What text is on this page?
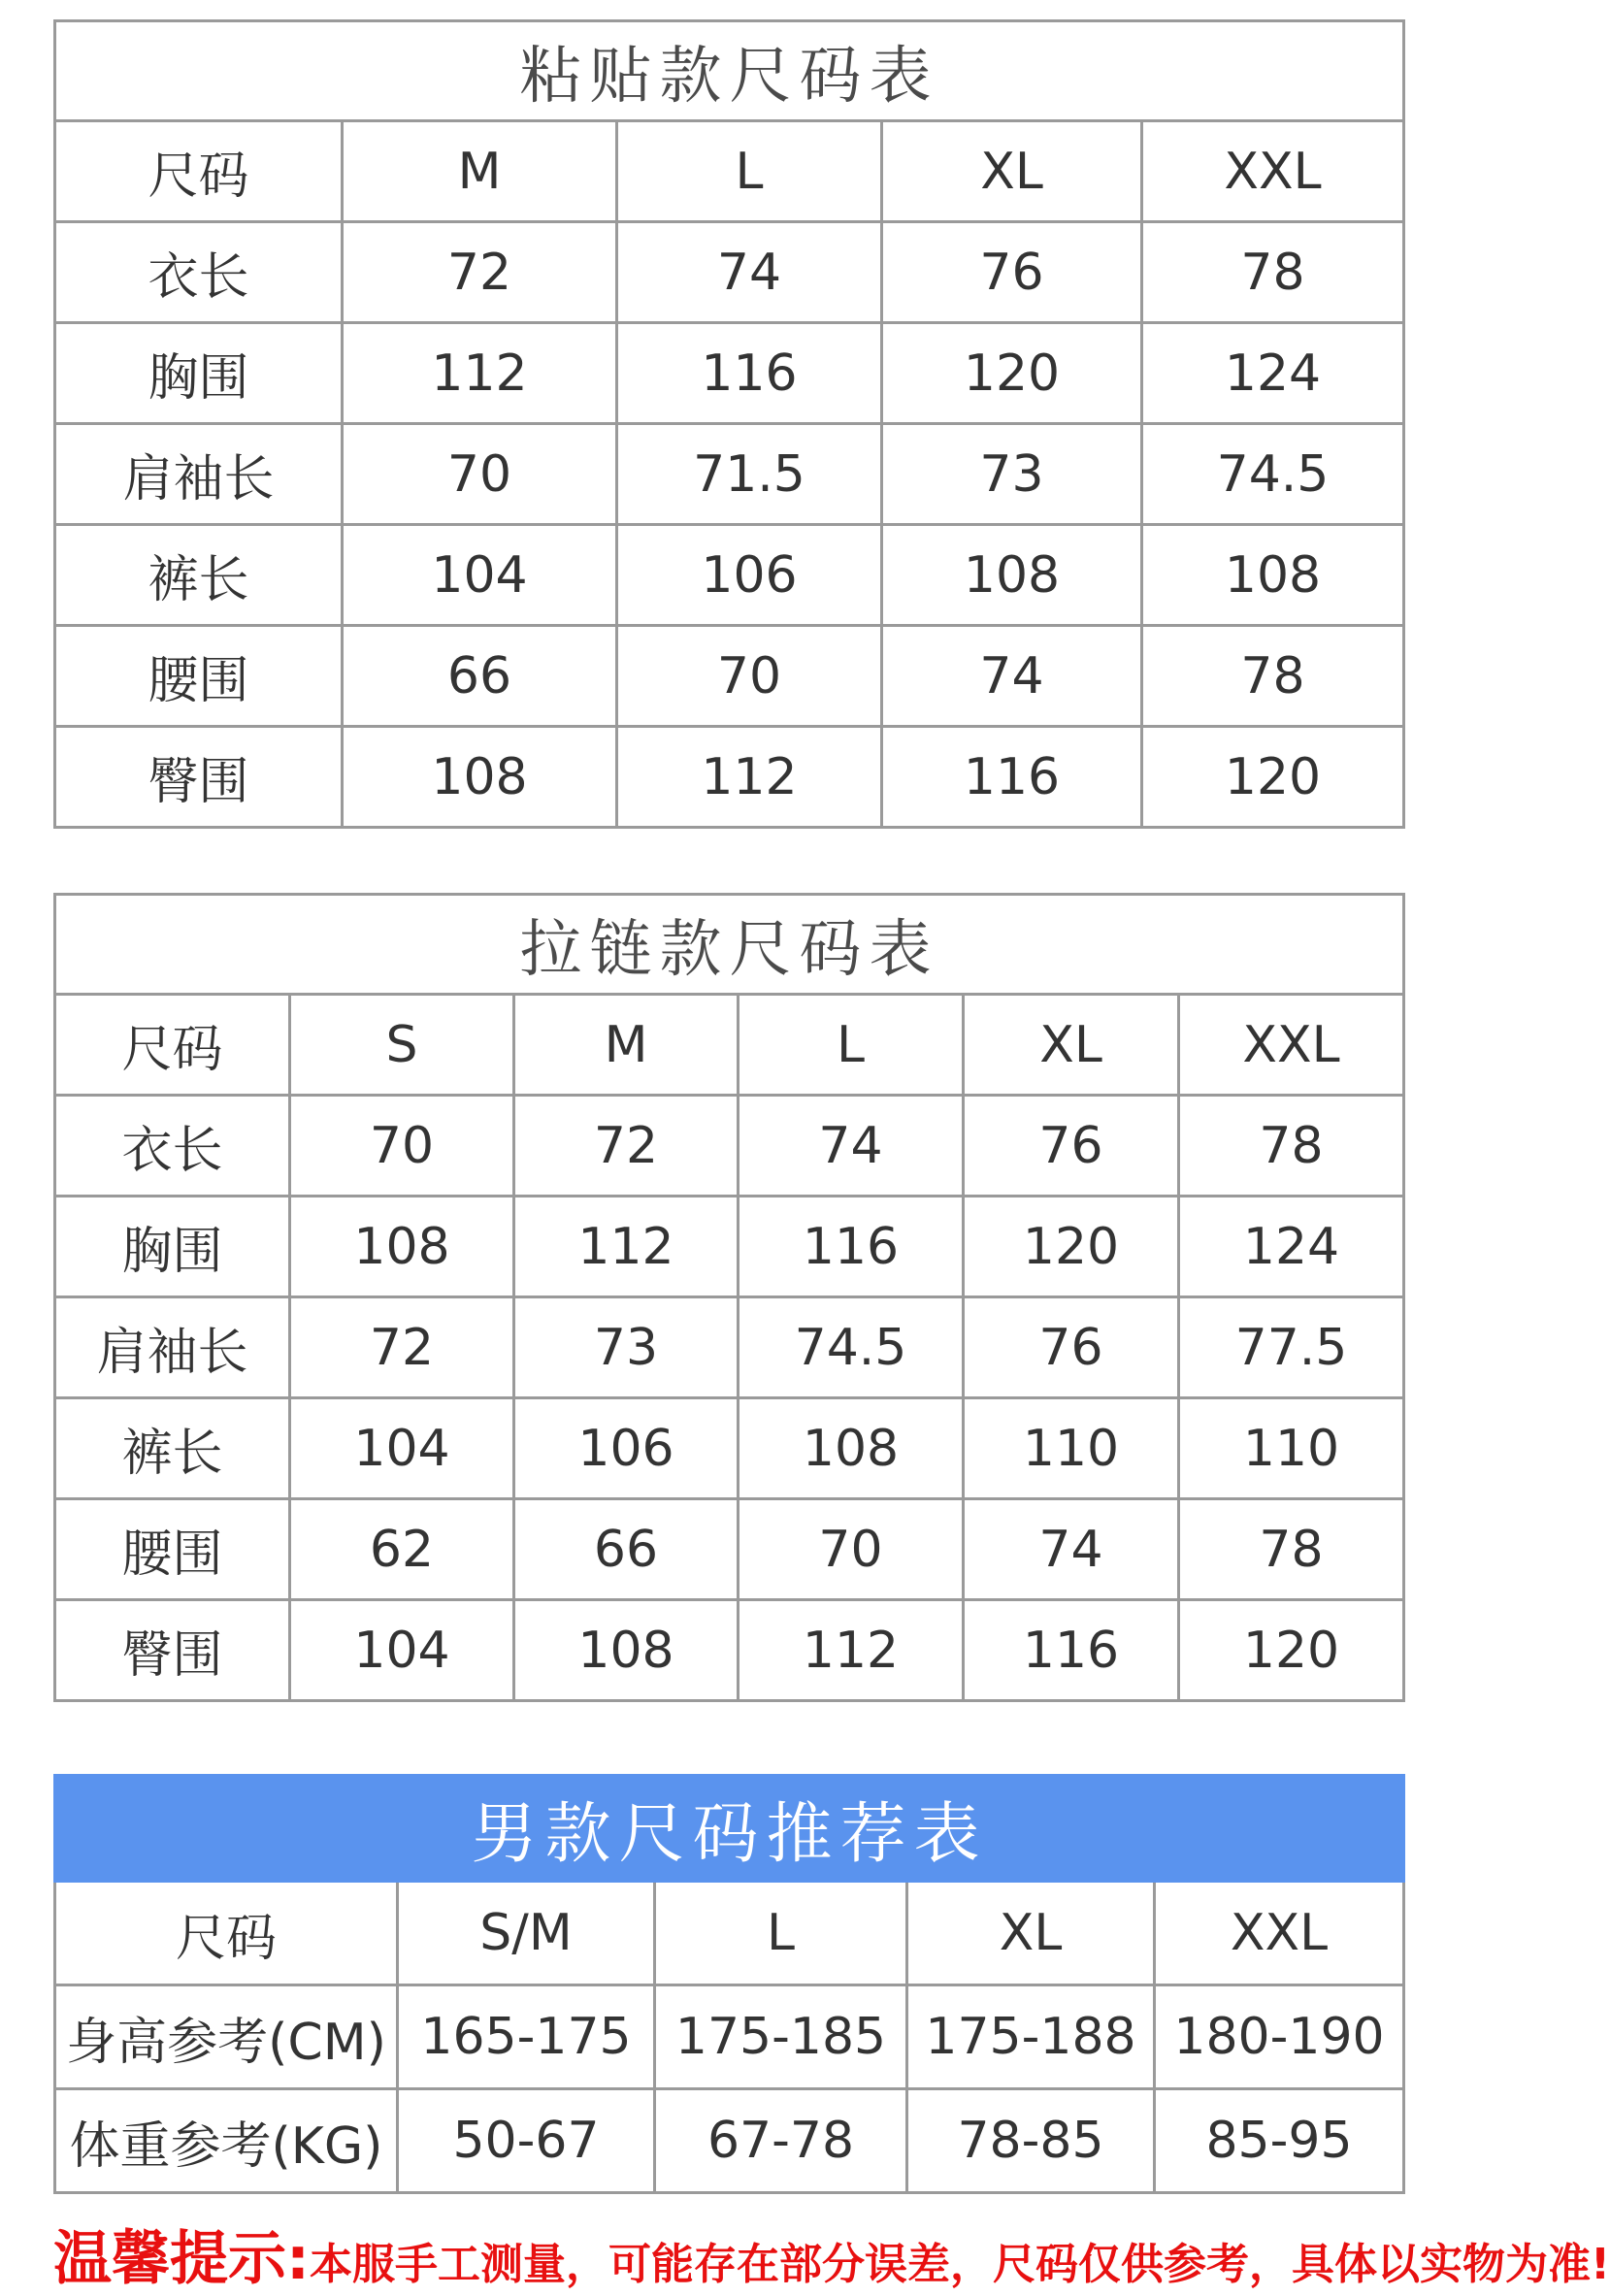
粘贴款尺码表				
尺码	M	L	XL	XXL
衣长	72	74	76	78
胸围	112	116	120	124
肩袖长	70	71.5	73	74.5
裤长	104	106	108	108
腰围	66	70	74	78
臀围	108	112	116	120
拉链款尺码表					
尺码	S	M	L	XL	XXL
衣长	70	72	74	76	78
胸围	108	112	116	120	124
肩袖长	72	73	74.5	76	77.5
裤长	104	106	108	110	110
腰围	62	66	70	74	78
臀围	104	108	112	116	120
男款尺码推荐表				
尺码	S/M	L	XL	XXL
身高参考(CM)	165-175	175-185	175-188	180-190
体重参考(KG)	50-67	67-78	78-85	85-95
温馨提示:本服手工测量，可能存在部分误差，尺码仅供参考，具体以实物为准!
